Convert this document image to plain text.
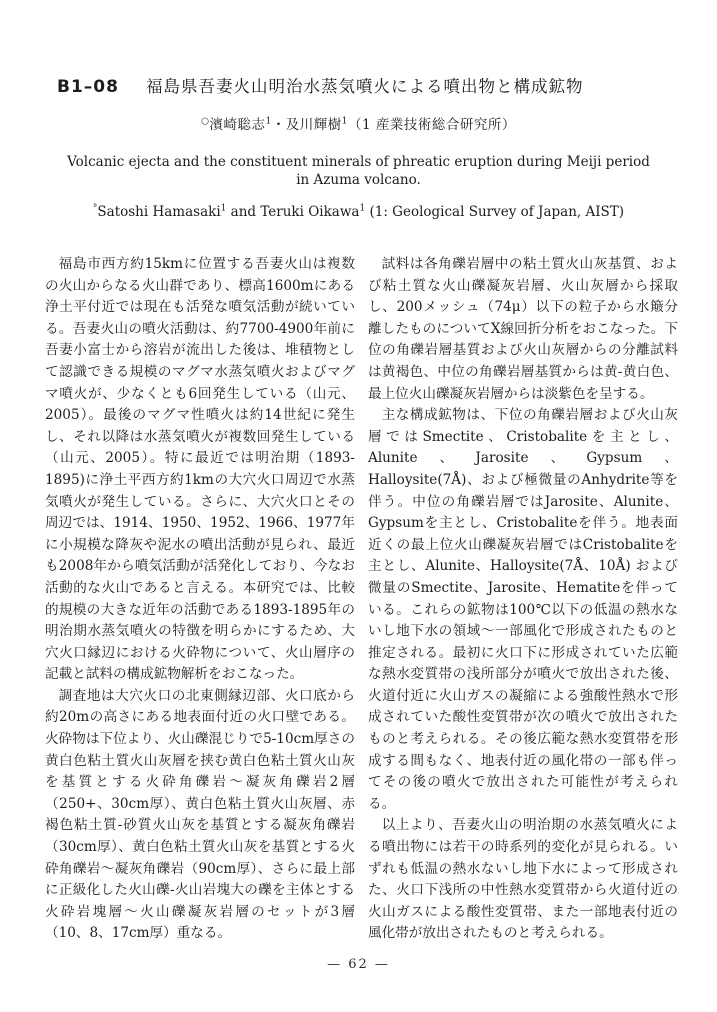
B1–08 福島県吾妻火山明治水蒸気噴火による噴出物と構成鉱物
○濱崎聡志$^1$・及川輝樹$^1$（1 産業技術総合研究所）
Volcanic ejecta and the constituent minerals of phreatic eruption during Meiji period
in Azuma volcano.
°Satoshi Hamasaki$^1$ and Teruki Oikawa$^1$ (1: Geological Survey of Japan, AIST)

福島市西方約15kmに位置する吾妻火山は複数の火山からなる火山群であり、標高1600mにある浄土平付近では現在も活発な噴気活動が続いている。吾妻火山の噴火活動は、約7700-4900年前に吾妻小富士から溶岩が流出した後は、堆積物として認識できる規模のマグマ水蒸気噴火およびマグマ噴火が、少なくとも6回発生している（山元、 2005）。最後のマグマ性噴火は約14世紀に発生し、それ以降は水蒸気噴火が複数回発生している（山元、2005）。特に最近では明治期（1893-1895)に浄土平西方約1kmの大穴火口周辺で水蒸気噴火が発生している。さらに、大穴火口とその周辺では、1914、1950、1952、1966、1977年に小規模な降灰や泥水の噴出活動が見られ、最近も2008年から噴気活動が活発化しており、今なお活動的な火山であると言える。本研究では、比較的規模の大きな近年の活動である1893-1895年の明治期水蒸気噴火の特徴を明らかにするため、大穴火口縁辺における火砕物について、火山層序の記載と試料の構成鉱物解析をおこなった。

調査地は大穴火口の北東側縁辺部、火口底から約20mの高さにある地表面付近の火口壁である。火砕物は下位より、火山礫混じりで5-10cm厚さの黄白色粘土質火山灰層を挟む黄白色粘土質火山灰を基質とする火砕角礫岩～凝灰角礫岩2層（250+、30cm厚）、黄白色粘土質火山灰層、赤褐色粘土質-砂質火山灰を基質とする凝灰角礫岩（30cm厚）、黄白色粘土質火山灰を基質とする火砕角礫岩～凝灰角礫岩（90cm厚）、さらに最上部に正級化した火山礫-火山岩塊大の礫を主体とする火砕岩塊層～火山礫凝灰岩層のセットが3層（10、8、17cm厚）重なる。

試料は各角礫岩層中の粘土質火山灰基質、および粘土質な火山礫凝灰岩層、火山灰層から採取し、200メッシュ（74μ）以下の粒子から水簸分離したものについてX線回折分析をおこなった。下位の角礫岩層基質および火山灰層からの分離試料は黄褐色、中位の角礫岩層基質からは黄-黄白色、最上位火山礫凝灰岩層からは淡紫色を呈する。

主な構成鉱物は、下位の角礫岩層および火山灰層ではSmectite、Cristobaliteを主とし、Alunite、Jarosite、Gypsum、Halloysite(7Å)、および極微量のAnhydrite等を伴う。中位の角礫岩層ではJarosite、Alunite、Gypsumを主とし、Cristobaliteを伴う。地表面近くの最上位火山礫凝灰岩層ではCristobaliteを主とし、Alunite、Halloysite(7Å、10Å) および微量のSmectite、Jarosite、Hematiteを伴っている。これらの鉱物は100℃以下の低温の熱水ないし地下水の領域～一部風化で形成されたものと推定される。最初に火口下に形成されていた広範な熱水変質帯の浅所部分が噴火で放出された後、火道付近に火山ガスの凝縮による強酸性熱水で形成されていた酸性変質帯が次の噴火で放出されたものと考えられる。その後広範な熱水変質帯を形成する間もなく、地表付近の風化帯の一部も伴ってその後の噴火で放出された可能性が考えられる。

以上より、吾妻火山の明治期の水蒸気噴火による噴出物には若干の時系列的変化が見られる。いずれも低温の熱水ないし地下水によって形成された、火口下浅所の中性熱水変質帯から火道付近の火山ガスによる酸性変質帯、また一部地表付近の風化帯が放出されたものと考えられる。

— 62 —
